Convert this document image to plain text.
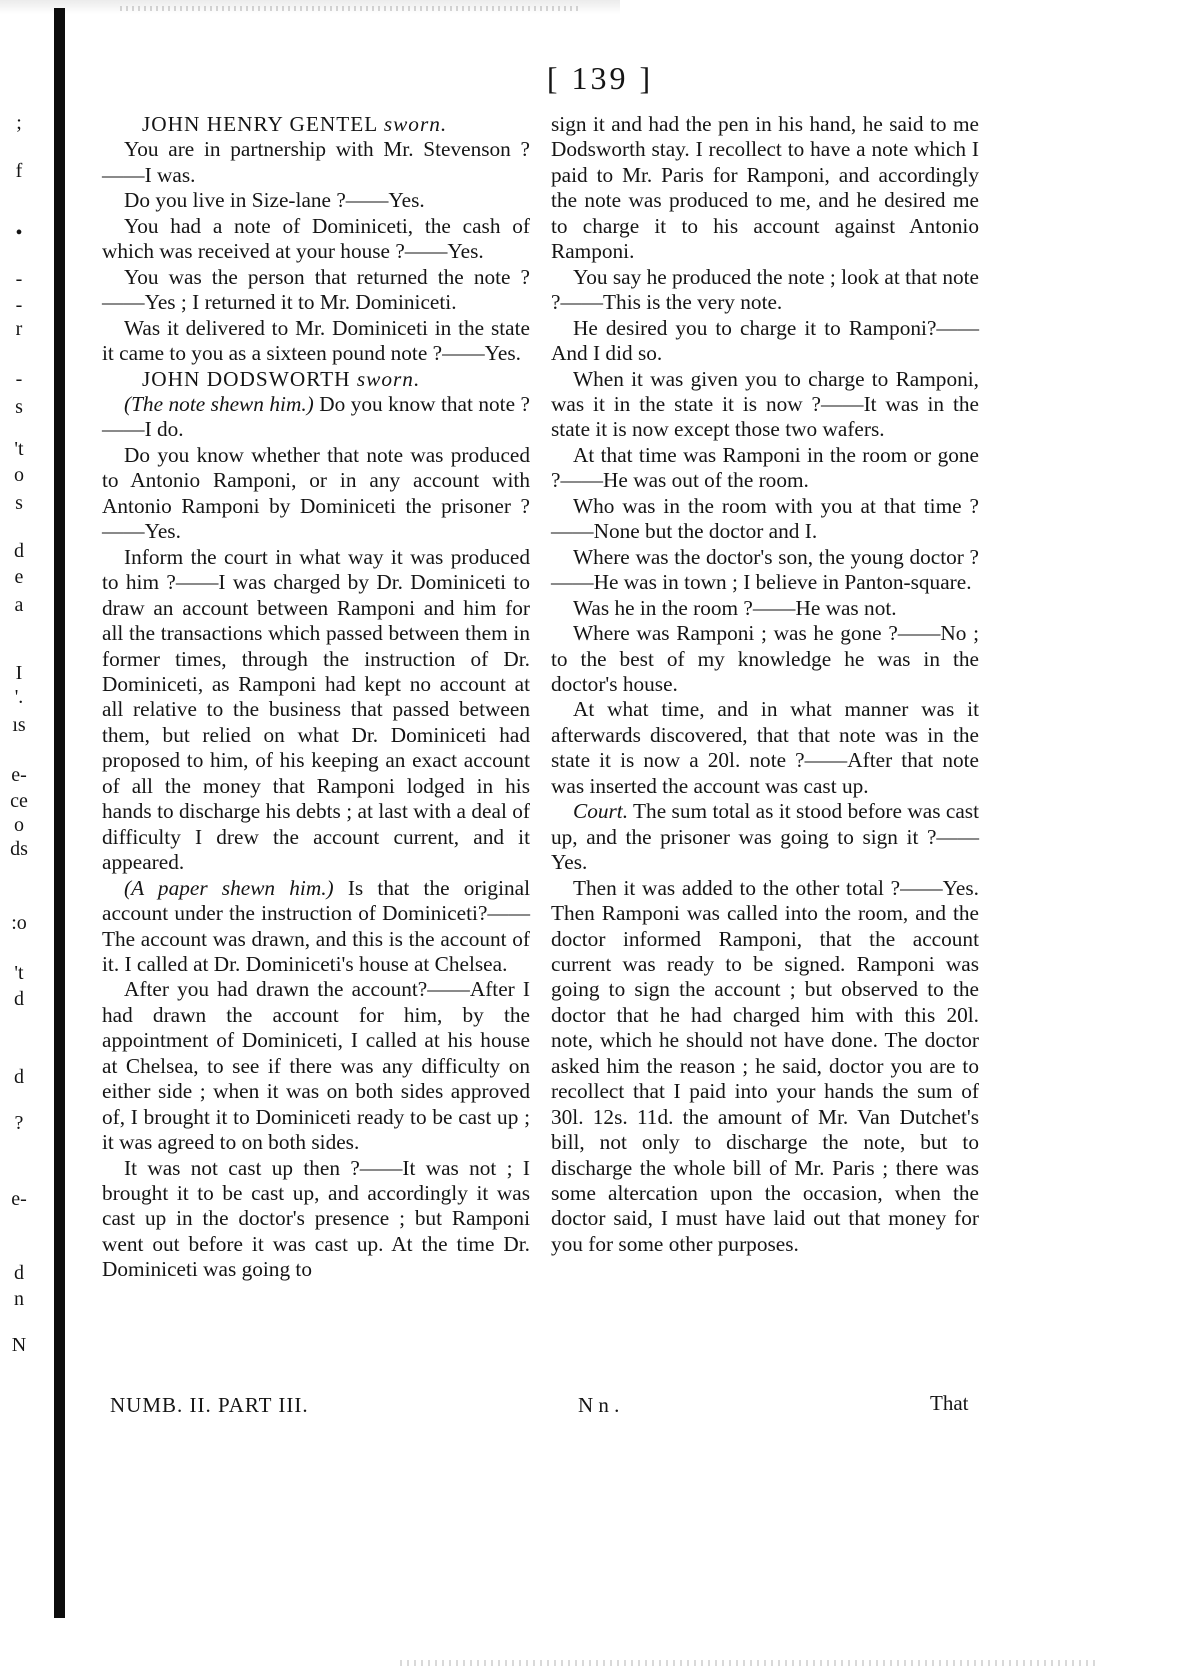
;
f
•
-
-
r
-
s
't
o
s
d
e
a
I
'.
ıs
e-
ce
o
ds
:o
't
d
d
?
e-
d
n
N
[ 139 ]

JOHN HENRY GENTEL sworn.

You are in partnership with Mr. Stevenson ?——I was.

Do you live in Size-lane ?——Yes.

You had a note of Dominiceti, the cash of which was received at your house ?——Yes.

You was the person that returned the note ?——Yes ; I returned it to Mr. Dominiceti.

Was it delivered to Mr. Dominiceti in the state it came to you as a sixteen pound note ?——Yes.

JOHN DODSWORTH sworn.

(The note shewn him.) Do you know that note ?——I do.

Do you know whether that note was produced to Antonio Ramponi, or in any account with Antonio Ramponi by Dominiceti the prisoner ?——Yes.

Inform the court in what way it was produced to him ?——I was charged by Dr. Dominiceti to draw an account between Ramponi and him for all the transactions which passed between them in former times, through the instruction of Dr. Dominiceti, as Ramponi had kept no account at all relative to the business that passed between them, but relied on what Dr. Dominiceti had proposed to him, of his keeping an exact account of all the money that Ramponi lodged in his hands to discharge his debts ; at last with a deal of difficulty I drew the account current, and it appeared.

(A paper shewn him.) Is that the original account under the instruction of Dominiceti?——The account was drawn, and this is the account of it. I called at Dr. Dominiceti's house at Chelsea.

After you had drawn the account?——After I had drawn the account for him, by the appointment of Dominiceti, I called at his house at Chelsea, to see if there was any difficulty on either side ; when it was on both sides approved of, I brought it to Dominiceti ready to be cast up ; it was agreed to on both sides.

It was not cast up then ?——It was not ; I brought it to be cast up, and accordingly it was cast up in the doctor's presence ; but Ramponi went out before it was cast up. At the time Dr. Dominiceti was going to

sign it and had the pen in his hand, he said to me Dodsworth stay. I recollect to have a note which I paid to Mr. Paris for Ramponi, and accordingly the note was produced to me, and he desired me to charge it to his account against Antonio Ramponi.

You say he produced the note ; look at that note ?——This is the very note.

He desired you to charge it to Ramponi?——And I did so.

When it was given you to charge to Ramponi, was it in the state it is now ?——It was in the state it is now except those two wafers.

At that time was Ramponi in the room or gone ?——He was out of the room.

Who was in the room with you at that time ?——None but the doctor and I.

Where was the doctor's son, the young doctor ?——He was in town ; I believe in Panton-square.

Was he in the room ?——He was not.

Where was Ramponi ; was he gone ?——No ; to the best of my knowledge he was in the doctor's house.

At what time, and in what manner was it afterwards discovered, that that note was in the state it is now a 20l. note ?——After that note was inserted the account was cast up.

Court. The sum total as it stood before was cast up, and the prisoner was going to sign it ?——Yes.

Then it was added to the other total ?——Yes. Then Ramponi was called into the room, and the doctor informed Ramponi, that the account current was ready to be signed. Ramponi was going to sign the account ; but observed to the doctor that he had charged him with this 20l. note, which he should not have done. The doctor asked him the reason ; he said, doctor you are to recollect that I paid into your hands the sum of 30l. 12s. 11d. the amount of Mr. Van Dutchet's bill, not only to discharge the note, but to discharge the whole bill of Mr. Paris ; there was some altercation upon the occasion, when the doctor said, I must have laid out that money for you for some other purposes.

NUMB. II. PART III.	N n .	That
